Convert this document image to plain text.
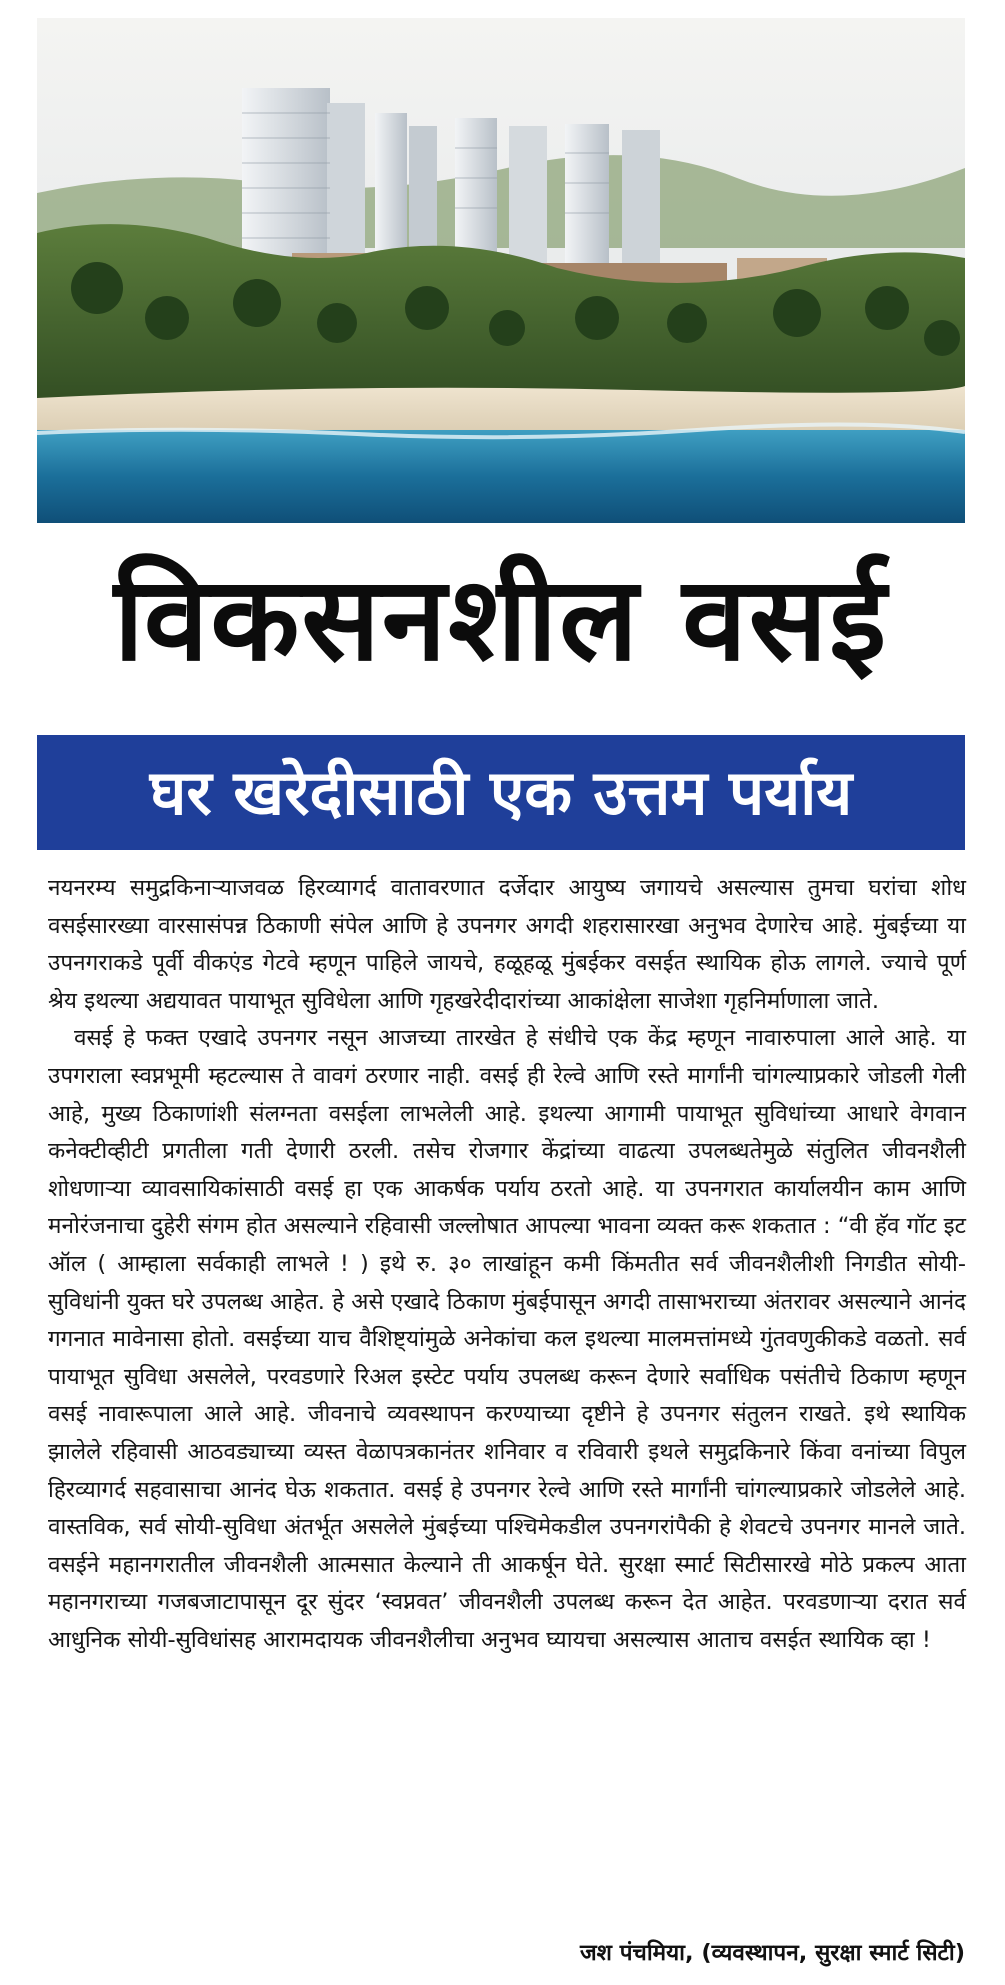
विकसनशील वसई
घर खरेदीसाठी एक उत्तम पर्याय

नयनरम्य समुद्रकिनाऱ्याजवळ हिरव्यागर्द वातावरणात दर्जेदार आयुष्य जगायचे असल्यास तुमचा घरांचा शोध वसईसारख्या वारसासंपन्न ठिकाणी संपेल आणि हे उपनगर अगदी शहरासारखा अनुभव देणारेच आहे. मुंबईच्या या उपनगराकडे पूर्वी वीकएंड गेटवे म्हणून पाहिले जायचे, हळूहळू मुंबईकर वसईत स्थायिक होऊ लागले. ज्याचे पूर्ण श्रेय इथल्या अद्ययावत पायाभूत सुविधेला आणि गृहखरेदीदारांच्या आकांक्षेला साजेशा गृहनिर्माणाला जाते.

वसई हे फक्त एखादे उपनगर नसून आजच्या तारखेत हे संधीचे एक केंद्र म्हणून नावारुपाला आले आहे. या उपगराला स्वप्नभूमी म्हटल्यास ते वावगं ठरणार नाही. वसई ही रेल्वे आणि रस्ते मार्गांनी चांगल्याप्रकारे जोडली गेली आहे, मुख्य ठिकाणांशी संलग्नता वसईला लाभलेली आहे. इथल्या आगामी पायाभूत सुविधांच्या आधारे वेगवान कनेक्टीव्हीटी प्रगतीला गती देणारी ठरली. तसेच रोजगार केंद्रांच्या वाढत्या उपलब्धतेमुळे संतुलित जीवनशैली शोधणाऱ्या व्यावसायिकांसाठी वसई हा एक आकर्षक पर्याय ठरतो आहे. या उपनगरात कार्यालयीन काम आणि मनोरंजनाचा दुहेरी संगम होत असल्याने रहिवासी जल्लोषात आपल्या भावना व्यक्त करू शकतात : “वी हॅव गॉट इट ऑल ( आम्हाला सर्वकाही लाभले ! ) इथे रु. ३० लाखांहून कमी किंमतीत सर्व जीवनशैलीशी निगडीत सोयी-सुविधांनी युक्त घरे उपलब्ध आहेत. हे असे एखादे ठिकाण मुंबईपासून अगदी तासाभराच्या अंतरावर असल्याने आनंद गगनात मावेनासा होतो. वसईच्या याच वैशिष्ट्यांमुळे अनेकांचा कल इथल्या मालमत्तांमध्ये गुंतवणुकीकडे वळतो. सर्व पायाभूत सुविधा असलेले, परवडणारे रिअल इस्टेट पर्याय उपलब्ध करून देणारे सर्वाधिक पसंतीचे ठिकाण म्हणून वसई नावारूपाला आले आहे. जीवनाचे व्यवस्थापन करण्याच्या दृष्टीने हे उपनगर संतुलन राखते. इथे स्थायिक झालेले रहिवासी आठवड्याच्या व्यस्त वेळापत्रकानंतर शनिवार व रविवारी इथले समुद्रकिनारे किंवा वनांच्या विपुल हिरव्यागर्द सहवासाचा आनंद घेऊ शकतात. वसई हे उपनगर रेल्वे आणि रस्ते मार्गांनी चांगल्याप्रकारे जोडलेले आहे. वास्तविक, सर्व सोयी-सुविधा अंतर्भूत असलेले मुंबईच्या पश्चिमेकडील उपनगरांपैकी हे शेवटचे उपनगर मानले जाते. वसईने महानगरातील जीवनशैली आत्मसात केल्याने ती आकर्षून घेते. सुरक्षा स्मार्ट सिटीसारखे मोठे प्रकल्प आता महानगराच्या गजबजाटापासून दूर सुंदर ‘स्वप्नवत’ जीवनशैली उपलब्ध करून देत आहेत. परवडणाऱ्या दरात सर्व आधुनिक सोयी-सुविधांसह आरामदायक जीवनशैलीचा अनुभव घ्यायचा असल्यास आताच वसईत स्थायिक व्हा !

जश पंचमिया, (व्यवस्थापन, सुरक्षा स्मार्ट सिटी)
